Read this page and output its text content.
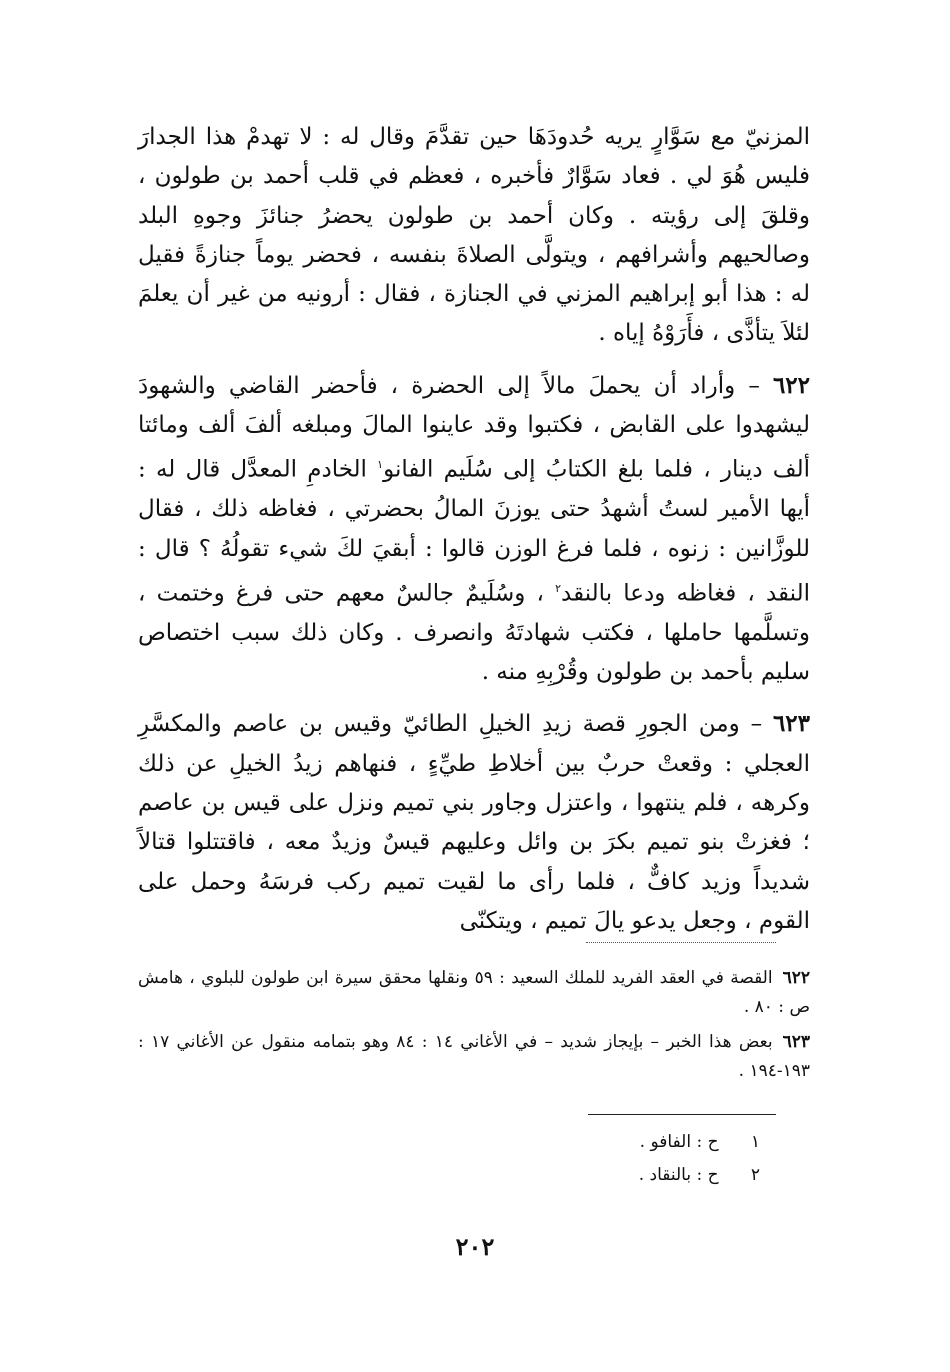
المزنيّ مع سَوَّارٍ يريه حُدودَهَا حين تقدَّمَ وقال له : لا تهدمْ هذا الجدارَ فليس هُوَ لي . فعاد سَوَّارٌ فأخبره ، فعظم في قلب أحمد بن طولون ، وقلقَ إلى رؤيته . وكان أحمد بن طولون يحضرُ جنائزَ وجوهِ البلد وصالحيهم وأشرافهم ، ويتولَّى الصلاةَ بنفسه ، فحضر يوماً جنازةً فقيل له : هذا أبو إبراهيم المزني في الجنازة ، فقال : أرونيه من غير أن يعلمَ لئلاَ يتأذَّى ، فأَرَوْهُ إياه .

٦٢٢ – وأراد أن يحملَ مالاً إلى الحضرة ، فأحضر القاضي والشهودَ ليشهدوا على القابض ، فكتبوا وقد عاينوا المالَ ومبلغه ألفَ ألف ومائتا ألف دينار ، فلما بلغ الكتابُ إلى سُلَيم الفانو$^١$ الخادمِ المعدَّل قال له : أيها الأمير لستُ أشهدُ حتى يوزنَ المالُ بحضرتي ، فغاظه ذلك ، فقال للوزَّانين : زنوه ، فلما فرغ الوزن قالوا : أبقيَ لكَ شيء تقولُهُ ؟ قال : النقد ، فغاظه ودعا بالنقد$^٢$ ، وسُلَيمٌ جالسٌ معهم حتى فرغ وختمت ، وتسلَّمها حاملها ، فكتب شهادتَهُ وانصرف . وكان ذلك سبب اختصاص سليم بأحمد بن طولون وقُرْبِهِ منه .

٦٢٣ – ومن الجورِ قصة زيدِ الخيلِ الطائيّ وقيس بن عاصم والمكسَّرِ العجلي : وقعتْ حربٌ بين أخلاطِ طيِّءٍ ، فنهاهم زيدُ الخيلِ عن ذلك وكرهه ، فلم ينتهوا ، واعتزل وجاور بني تميم ونزل على قيس بن عاصم ؛ فغزتْ بنو تميم بكرَ بن وائل وعليهم قيسٌ وزيدٌ معه ، فاقتتلوا قتالاً شديداً وزيد كافٌّ ، فلما رأى ما لقيت تميم ركب فرسَهُ وحمل على القوم ، وجعل يدعو يالَ تميم ، ويتكنّى

٦٢٢القصة في العقد الفريد للملك السعيد : ٥٩ ونقلها محقق سيرة ابن طولون للبلوي ، هامش ص : ٨٠ .

٦٢٣بعض هذا الخبر – بإيجاز شديد – في الأغاني ١٤ : ٨٤ وهو بتمامه منقول عن الأغاني ١٧ : ١٩٣-١٩٤ .

١ ح : الفافو .

٢ ح : بالنقاد .

٢٠٢
